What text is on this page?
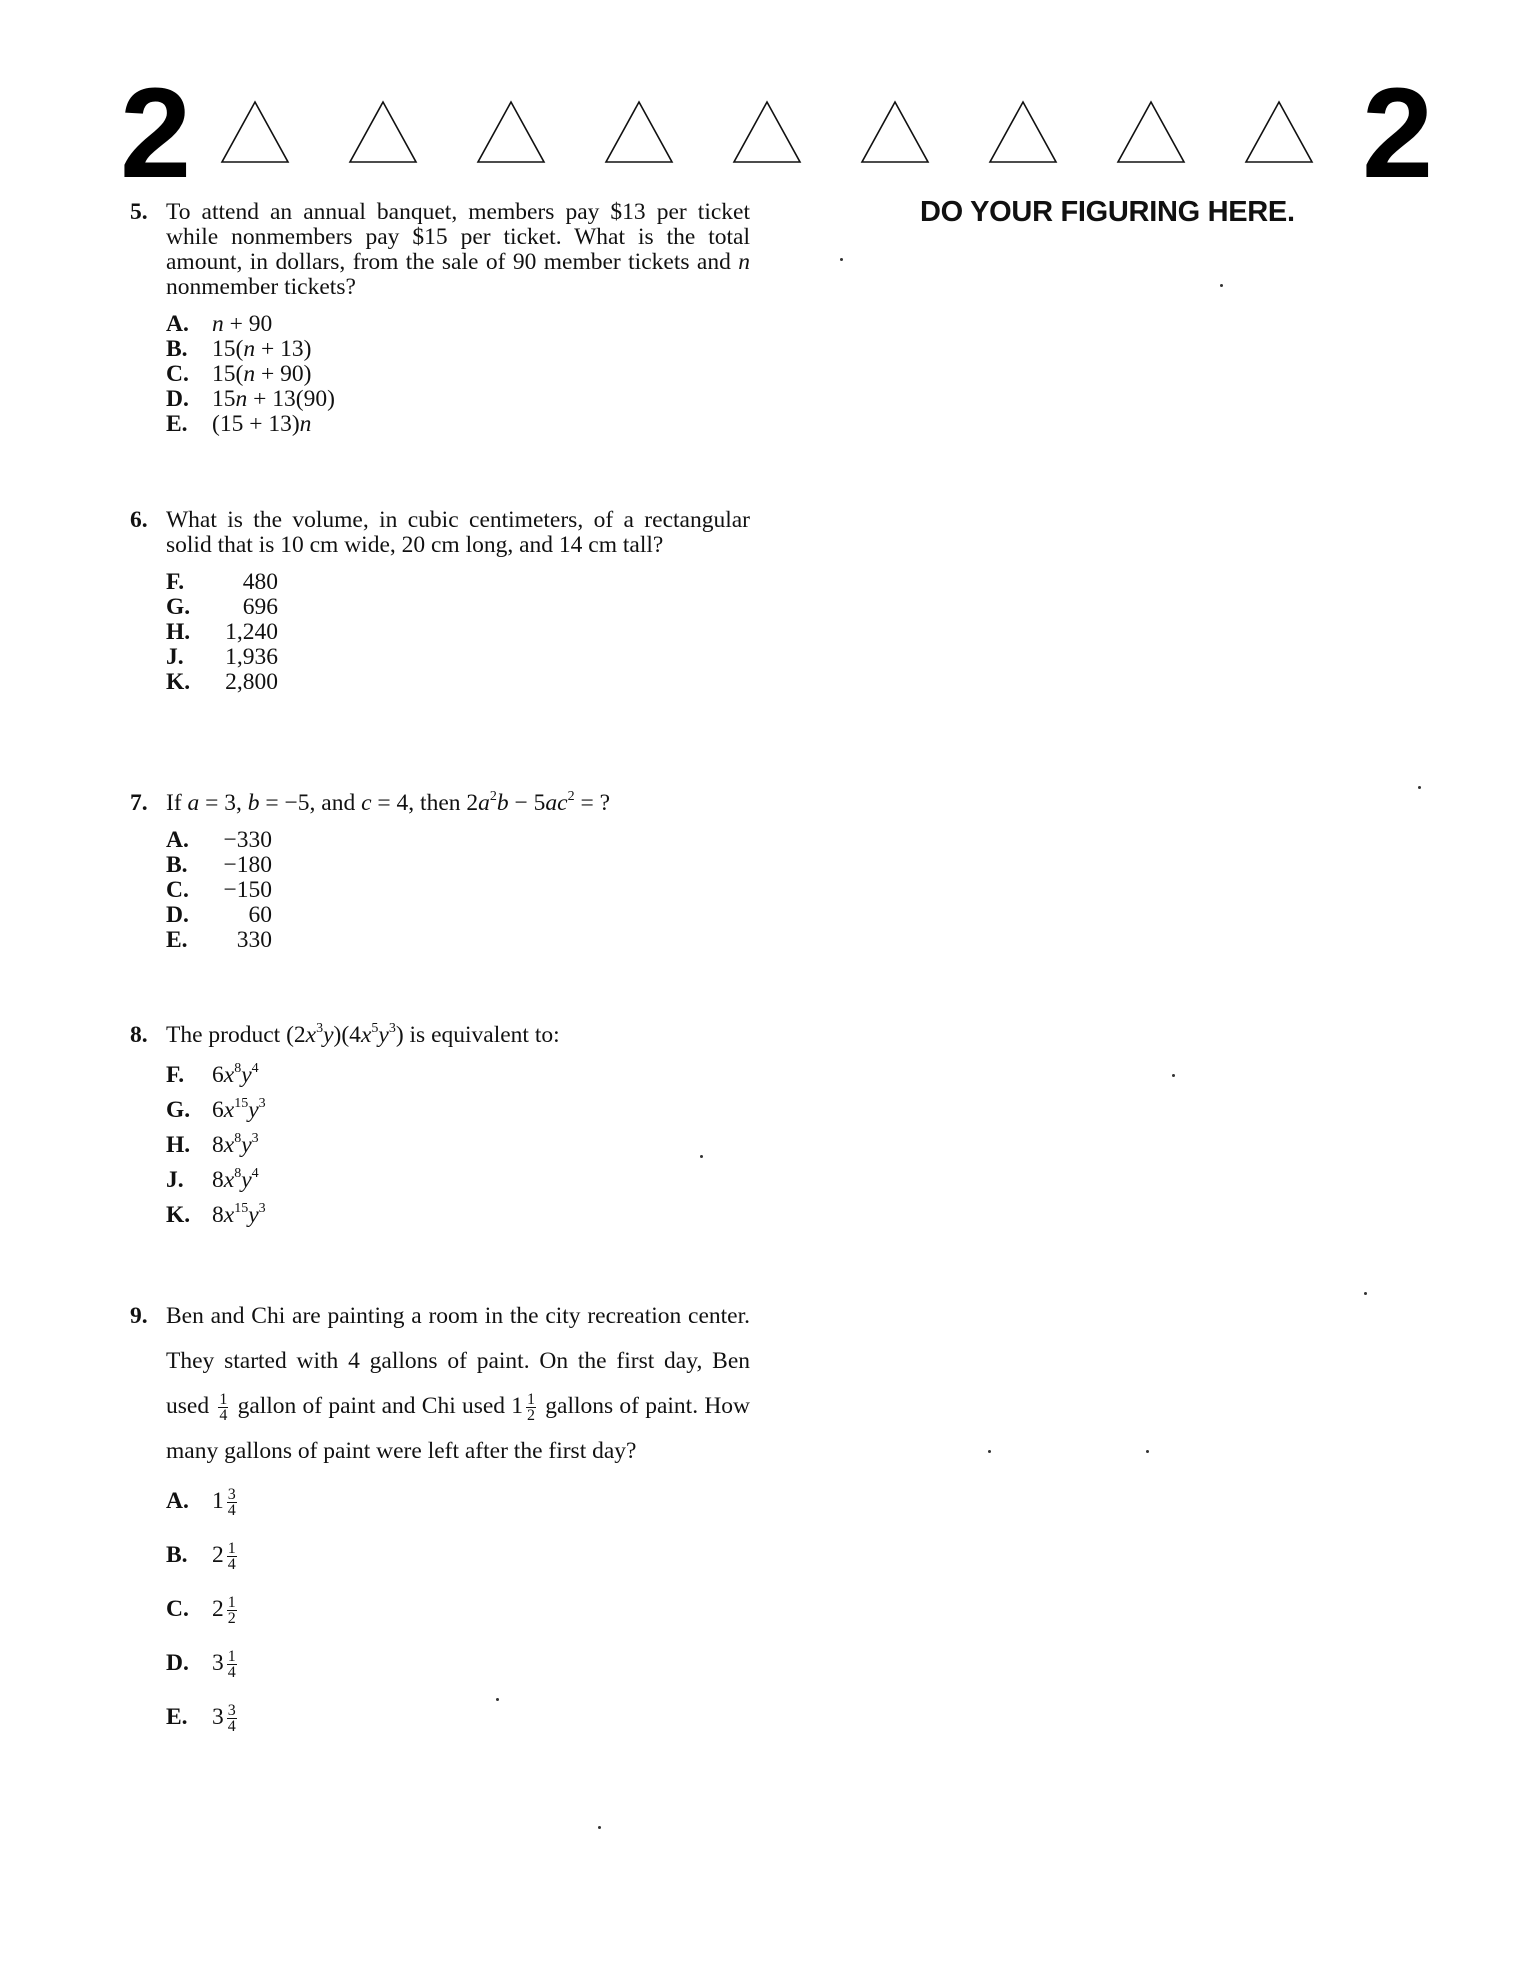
2	2
DO YOUR FIGURING HERE.
5. To attend an annual banquet, members pay $13 per ticket while nonmembers pay $15 per ticket. What is the total amount, in dollars, from the sale of 90 member tickets and n nonmember tickets?
A. n + 90
B.	15(n + 13)
C. 15(n + 90)
D. 15n + 13(90)
E.	(15 + 13)n
6. What is the volume, in cubic centimeters, of a rectangular solid that is 10 cm wide, 20 cm long, and 14 cm tall?
F.	480
G.	696
H.	1,240
J.	1,936
K.	2,800
7. If a = 3, b = −5, and c = 4, then $2a^2b - 5ac^2$ = ?
A.	−330
B.	−180
C.	−150
D.	60
E.	330
8. The product $(2x^3y)(4x^5y^3)$ is equivalent to:
F.	$6x^8y^4$
G. $6x^{15}y^3$
H. $8x^8y^3$
J.	$8x^8y^4$
K. $8x^{15}y^3$
9. Ben and Chi are painting a room in the city recreation center. They started with 4 gallons of paint. On the first day, Ben used $\frac{1}{4}$ gallon of paint and Chi used $1 \frac{1}{2}$ gallons of paint. How many gallons of paint were left after the first day?
A. $1 \frac{3}{4}$
B.	$2 \frac{1}{4}$
C. $2 \frac{1}{2}$
D. $3 \frac{1}{4}$
E.	$3 \frac{3}{4}$
